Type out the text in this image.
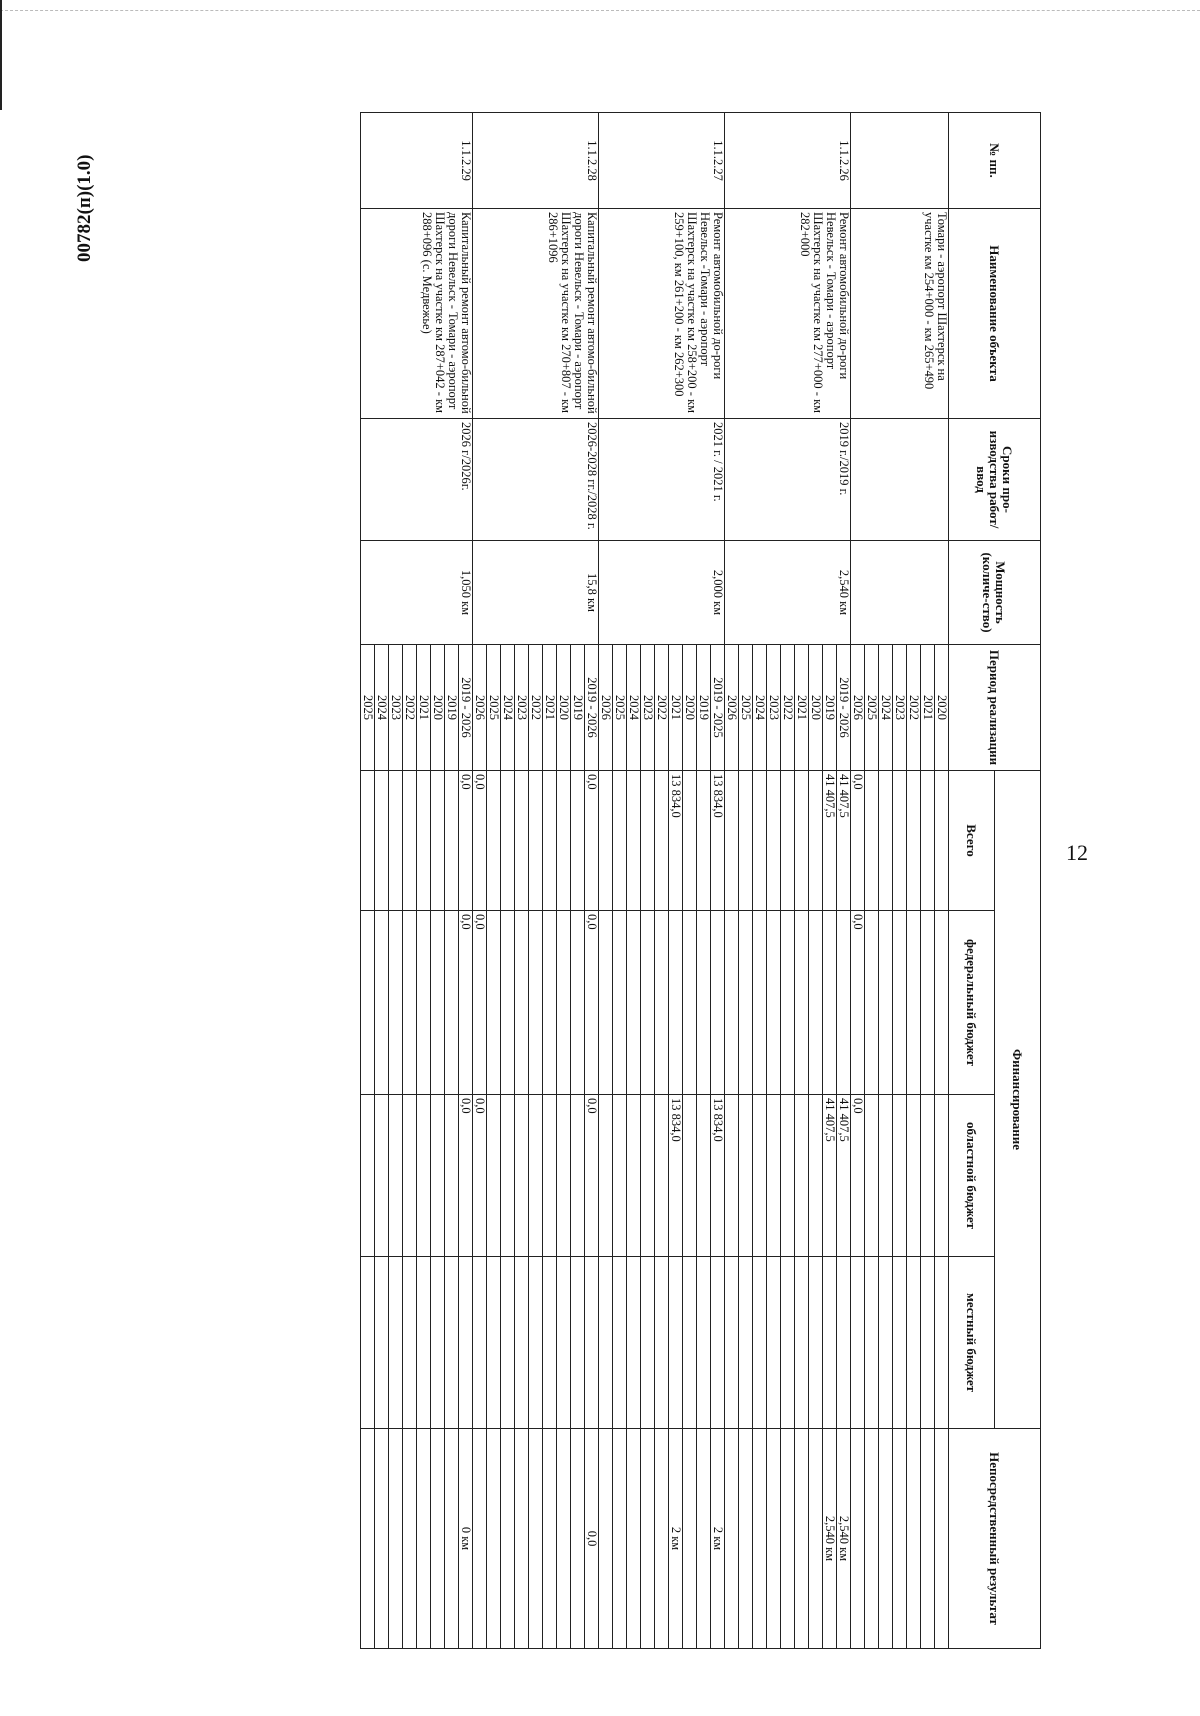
12
00782(п)(1.0)	№ пп.	Наименование объекта	Сроки про-изводства работ/ ввод	Мощность (количе-ство)	Период реализации	Финансирование				Непосредственный результат
					Всего	федеральный бюджет	областной бюджет	местный бюджет	
	Томари - аэропорт Шахтерск на участке км 254+000 - км 265+490			2020					
				2021					
				2022					
				2023					
				2024					
				2025					
				2026	0,0	0,0	0,0		
1.1.2.26	Ремонт автомобильной до-роги Невельск - Томари - аэропорт Шахтерск на участке км 277+000 - км 282+000	2019 г./2019 г.	2,540 км	2019 - 2026	41 407,5		41 407,5		2,540 км
				2019	41 407,5		41 407,5		2,540 км
				2020					
				2021					
				2022					
				2023					
				2024					
				2025					
				2026					
1.1.2.27	Ремонт автомобильной до-роги Невельск -Томари - аэропорт Шахтерск на участке км 258+200 - км 259+100, км 261+200 - км 262+300	2021 г. / 2021 г.	2,000 км	2019 - 2025	13 834,0		13 834,0		2 км
				2019					
				2020					
				2021	13 834,0		13 834,0		2 км
				2022					
				2023					
				2024					
				2025					
				2026					
1.1.2.28	Капитальный ремонт автомо-бильной дороги Невельск - Томари - аэропорт Шахтерск на участке км 270+807 - км 286+1096	2026-2028 гг./2028 г.	15,8 км	2019 - 2026	0,0	0,0	0,0		0,0
				2019					
				2020					
				2021					
				2022					
				2023					
				2024					
				2025					
				2026	0,0	0,0	0,0		
1.1.2.29	Капитальный ремонт автомо-бильной дороги Невельск - Томари - аэропорт Шахтерск на участке км 287+042 - км 288+096 (с. Медвежье)	2026 г/2026г.	1,050 км	2019 - 2026	0,0	0,0	0,0		0 км
				2019					
				2020					
				2021					
				2022					
				2023					
				2024					
				2025					
